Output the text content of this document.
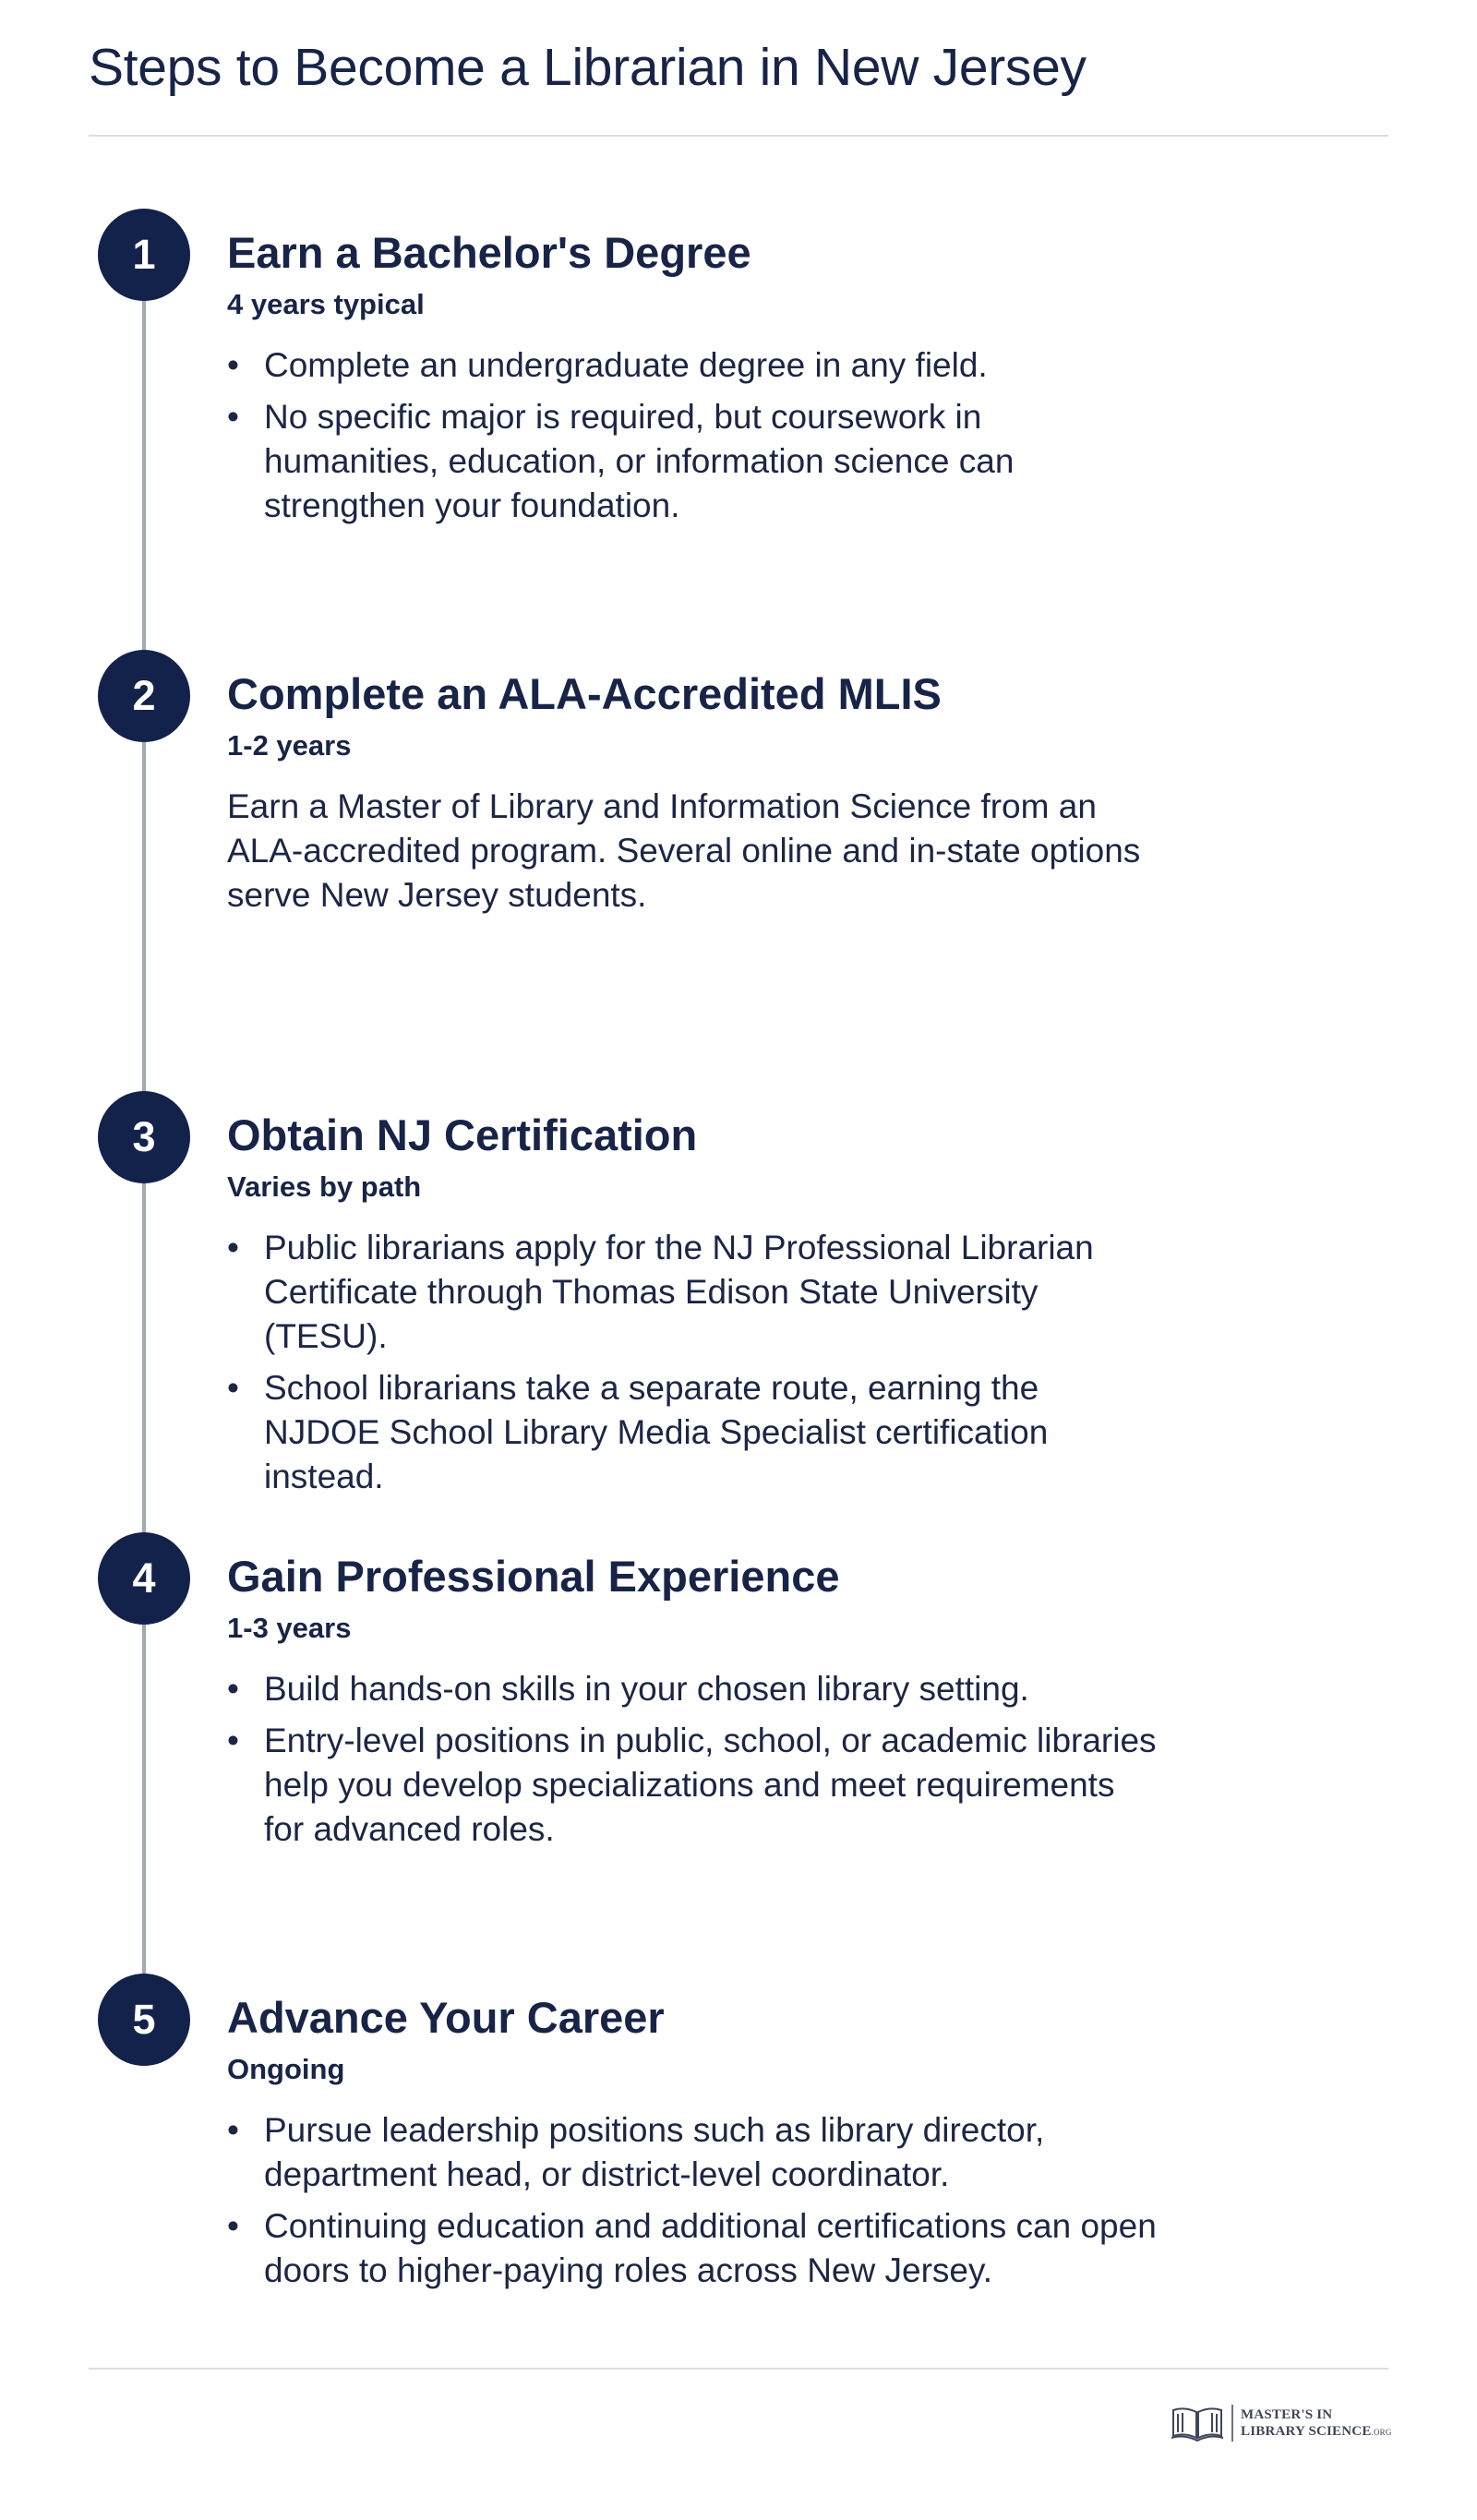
Steps to Become a Librarian in New Jersey
1	Earn a Bachelor's Degree

4 years typical

• Complete an undergraduate degree in any field.
• No specific major is required, but coursework in humanities, education, or information science can strengthen your foundation.
2	Complete an ALA-Accredited MLIS

1-2 years

Earn a Master of Library and Information Science from an ALA-accredited program. Several online and in-state options serve New Jersey students.

3	Obtain NJ Certification

Varies by path

• Public librarians apply for the NJ Professional Librarian Certificate through Thomas Edison State University (TESU).
• School librarians take a separate route, earning the NJDOE School Library Media Specialist certification instead.
4	Gain Professional Experience

1-3 years

• Build hands-on skills in your chosen library setting.
• Entry-level positions in public, school, or academic libraries help you develop specializations and meet requirements for advanced roles.
5	Advance Your Career

Ongoing

• Pursue leadership positions such as library director, department head, or district-level coordinator.
• Continuing education and additional certifications can open doors to higher-paying roles across New Jersey.
MASTER'S IN
LIBRARY SCIENCE.ORG
